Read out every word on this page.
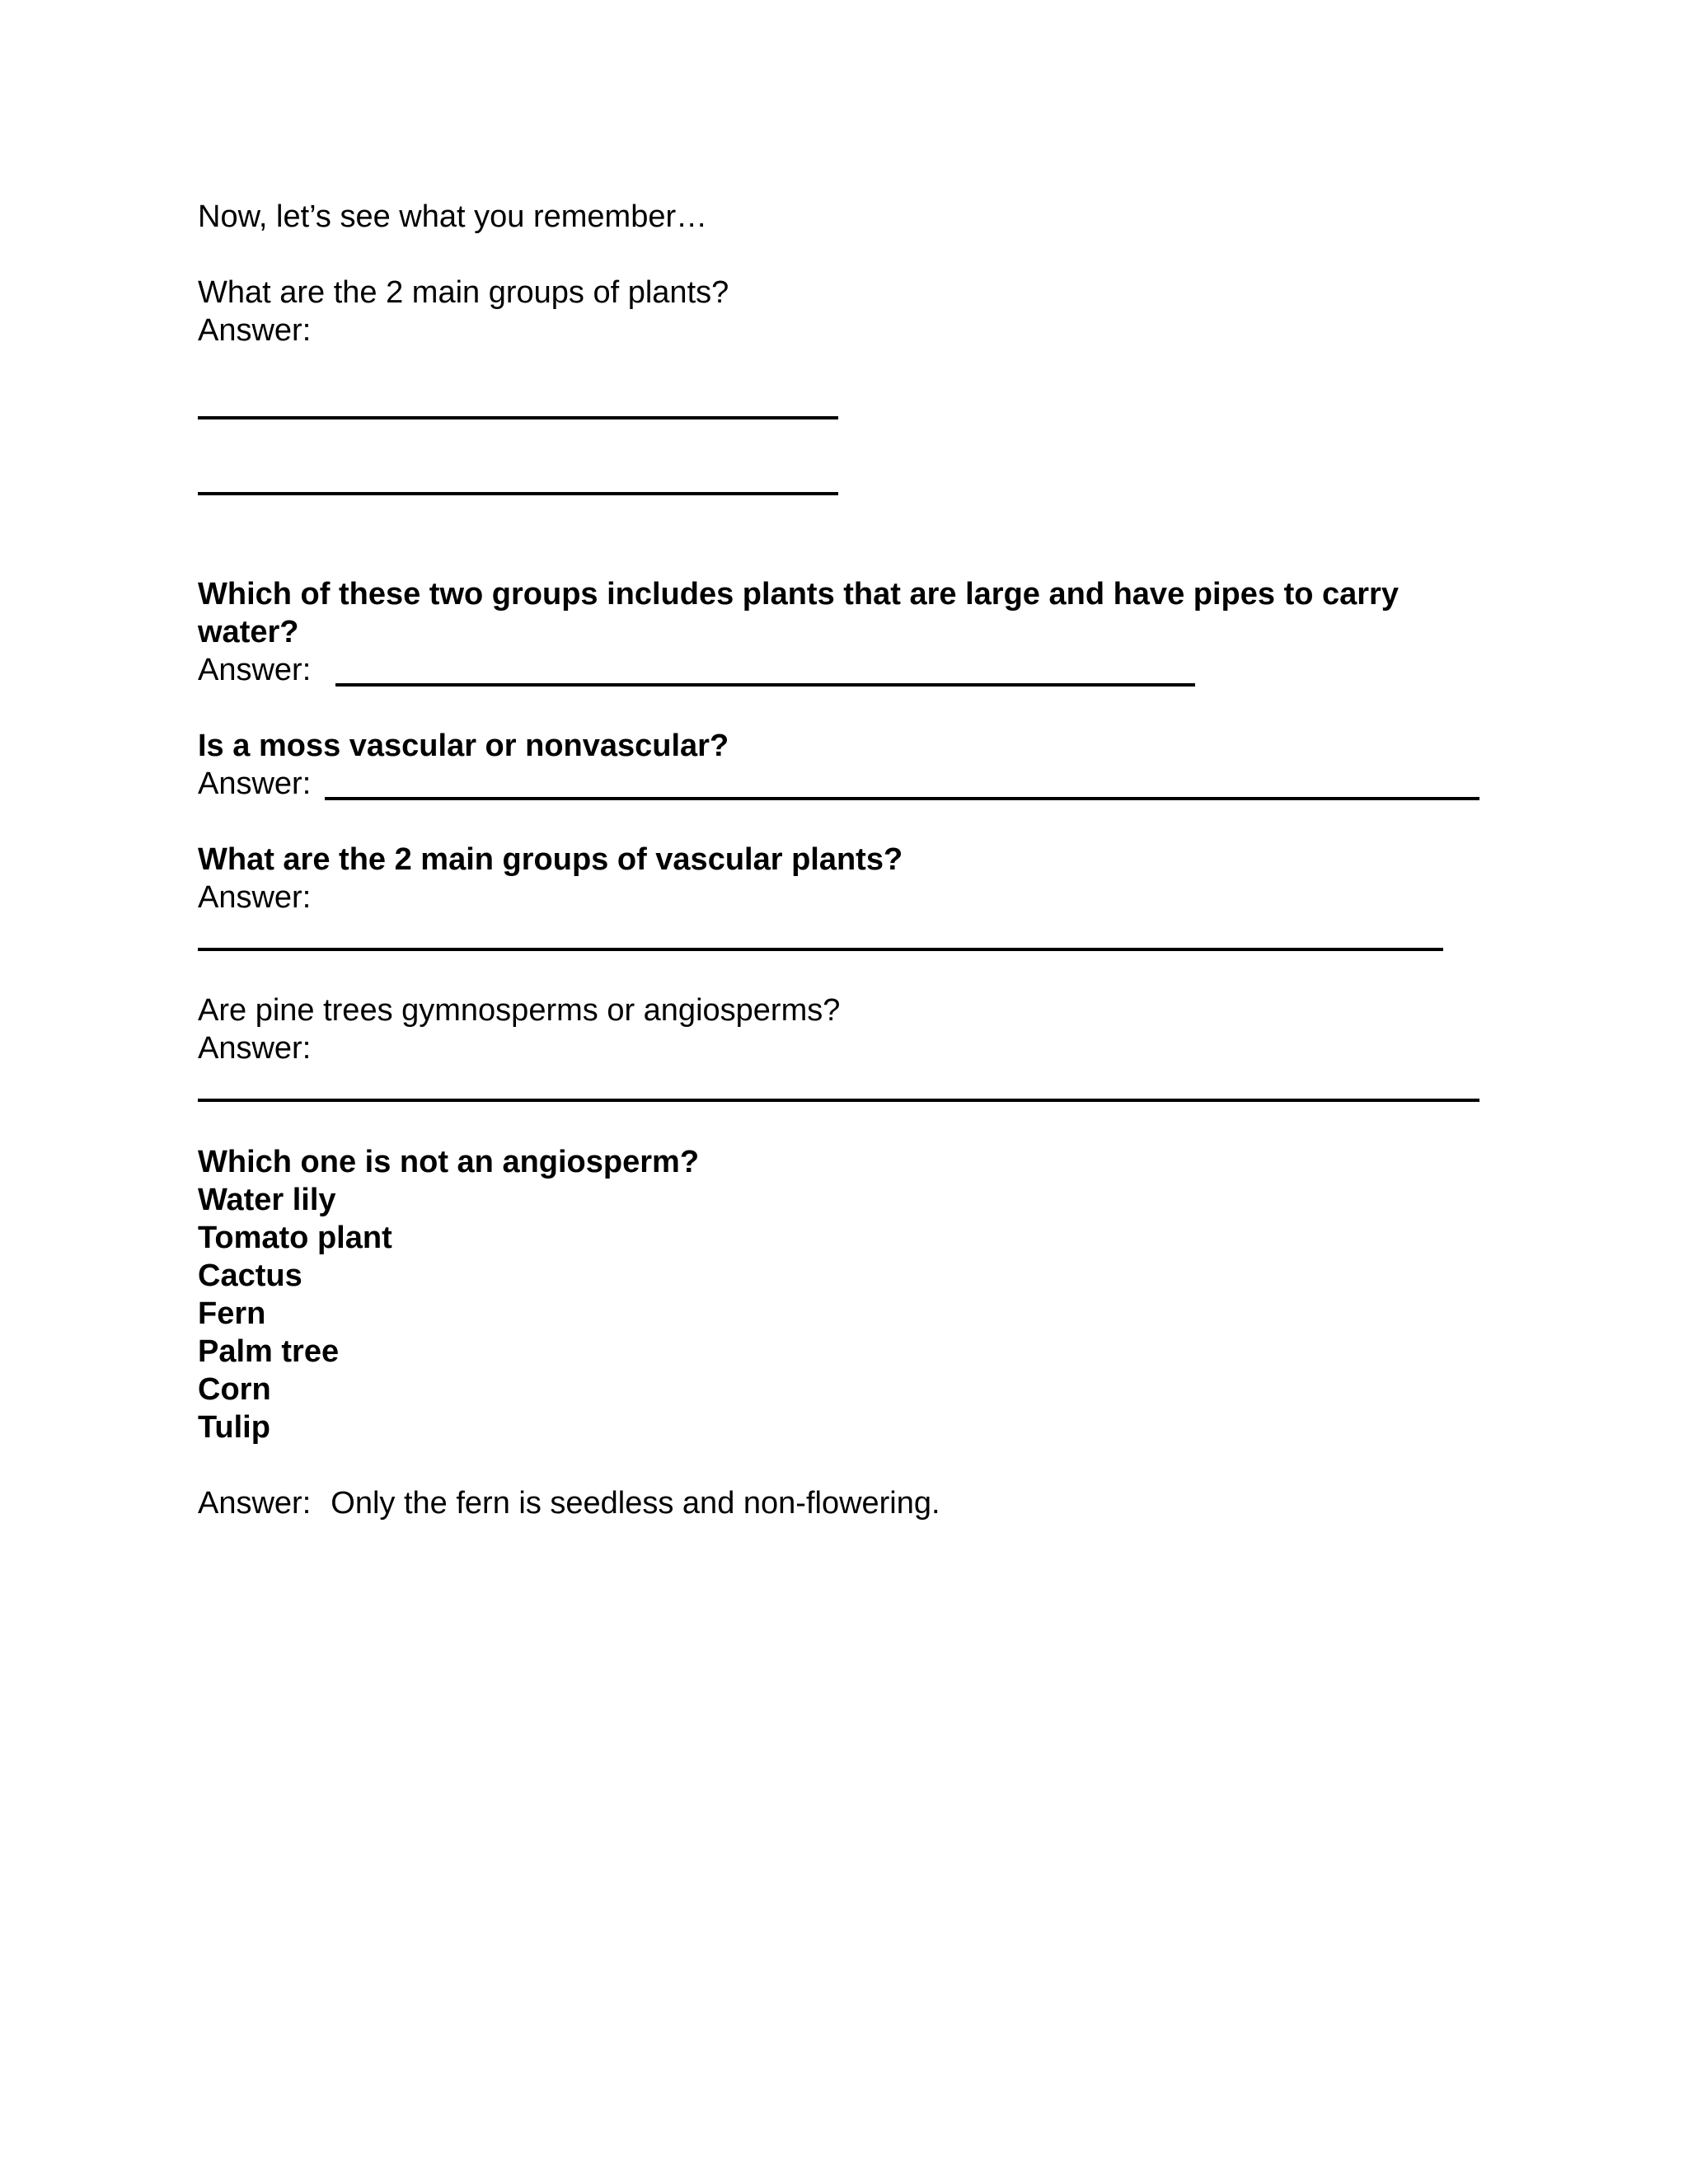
Now, let’s see what you remember…

What are the 2 main groups of plants?

Answer:

Which of these two groups includes plants that are large and have pipes to carry

water?

Answer:

Is a moss vascular or nonvascular?

Answer:

What are the 2 main groups of vascular plants?

Answer:

Are pine trees gymnosperms or angiosperms?

Answer:

Which one is not an angiosperm?

Water lily

Tomato plant

Cactus

Fern

Palm tree

Corn

Tulip

Answer: Only the fern is seedless and non-flowering.
